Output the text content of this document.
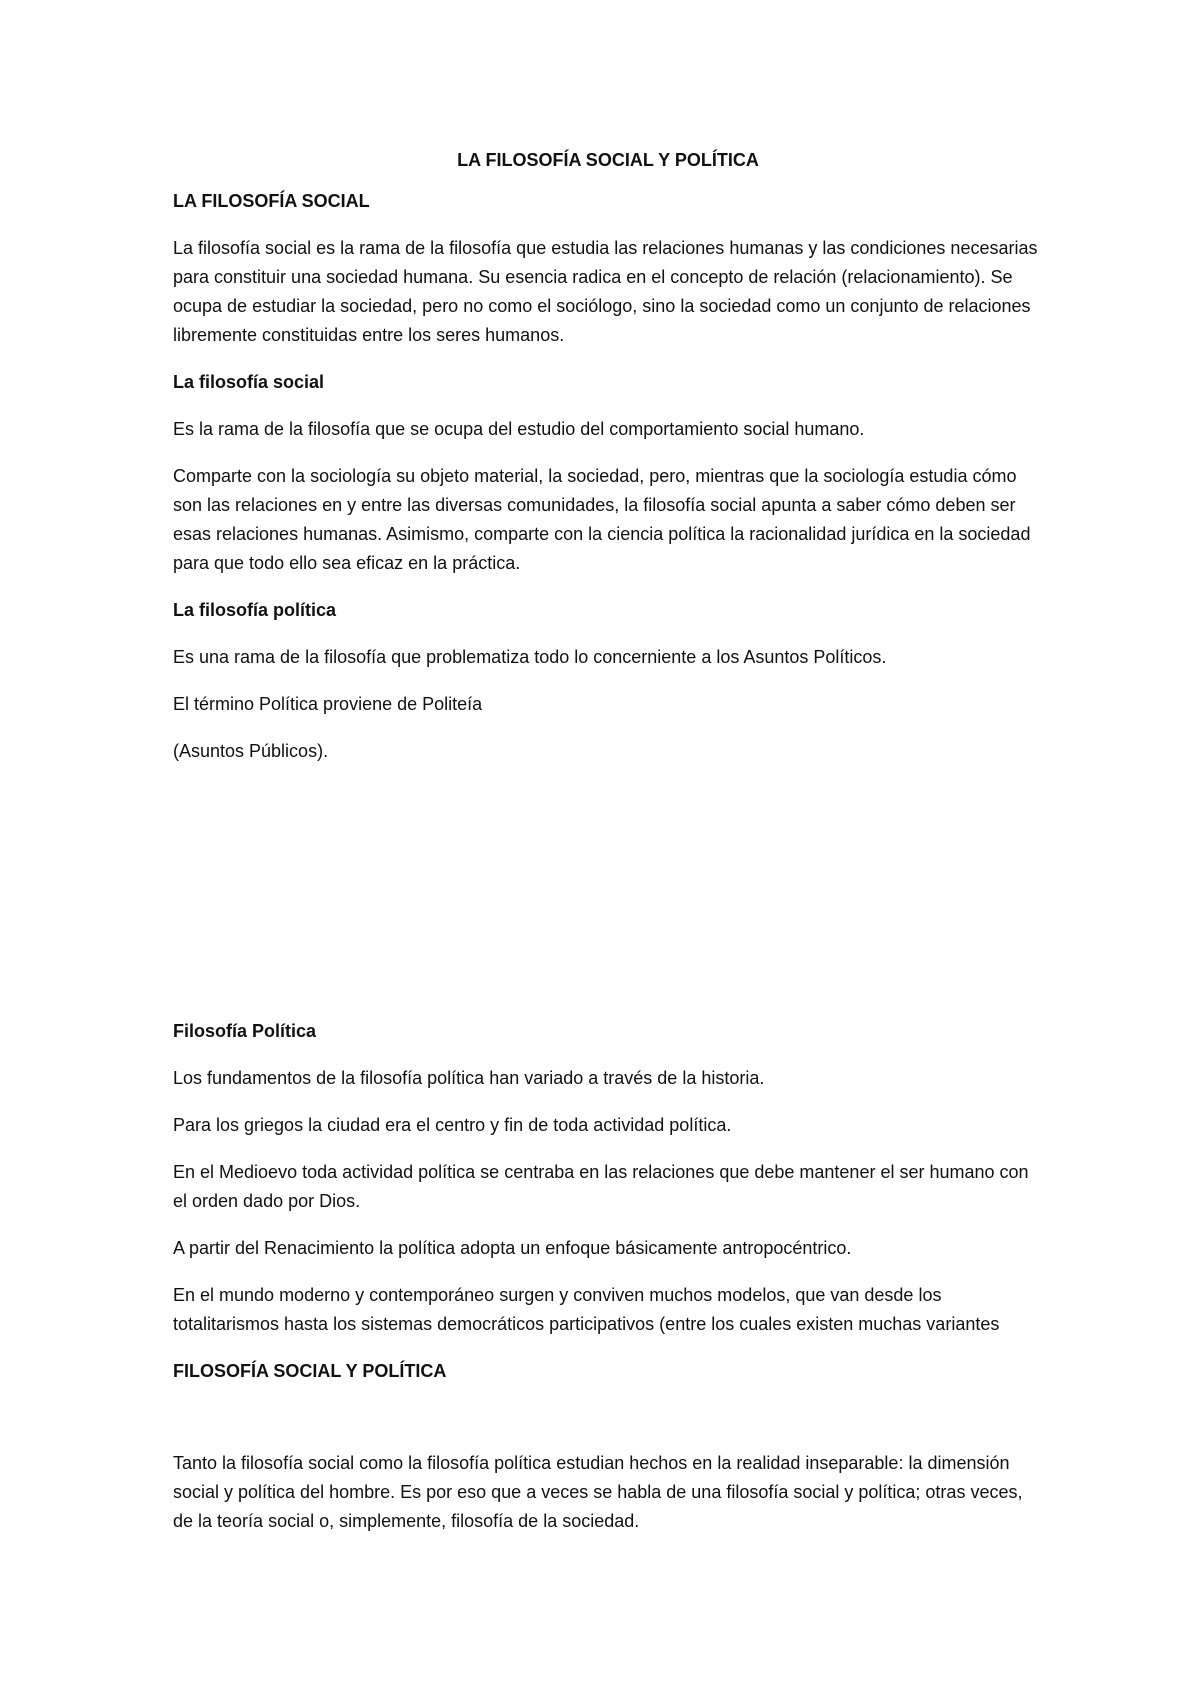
LA FILOSOFÍA SOCIAL Y POLÍTICA
LA FILOSOFÍA SOCIAL
La filosofía social es la rama de la filosofía que estudia las relaciones humanas y las condiciones necesarias para constituir una sociedad humana. Su esencia radica en el concepto de relación (relacionamiento). Se ocupa de estudiar la sociedad, pero no como el sociólogo, sino la sociedad como un conjunto de relaciones libremente constituidas entre los seres humanos.
La filosofía social
Es la rama de la filosofía que se ocupa del estudio del comportamiento social humano.
Comparte con la sociología su objeto material, la sociedad, pero, mientras que la sociología estudia cómo son las relaciones en y entre las diversas comunidades, la filosofía social apunta a saber cómo deben ser esas relaciones humanas. Asimismo, comparte con la ciencia política la racionalidad jurídica en la sociedad para que todo ello sea eficaz en la práctica.
La filosofía política
Es una rama de la filosofía que problematiza todo lo concerniente a los Asuntos Políticos.
El término Política proviene de Politeía
(Asuntos Públicos).
Filosofía Política
Los fundamentos de la filosofía política han variado a través de la historia.
Para los griegos la ciudad era el centro y fin de toda actividad política.
En el Medioevo toda actividad política se centraba en las relaciones que debe mantener el ser humano con el orden dado por Dios.
A partir del Renacimiento la política adopta un enfoque básicamente antropocéntrico.
En el mundo moderno y contemporáneo surgen y conviven muchos modelos, que van desde los totalitarismos hasta los sistemas democráticos participativos (entre los cuales existen muchas variantes
FILOSOFÍA SOCIAL Y POLÍTICA
Tanto la filosofía social como la filosofía política estudian hechos en la realidad inseparable: la dimensión social y política del hombre. Es por eso que a veces se habla de una filosofía social y política; otras veces, de la teoría social o, simplemente, filosofía de la sociedad.
